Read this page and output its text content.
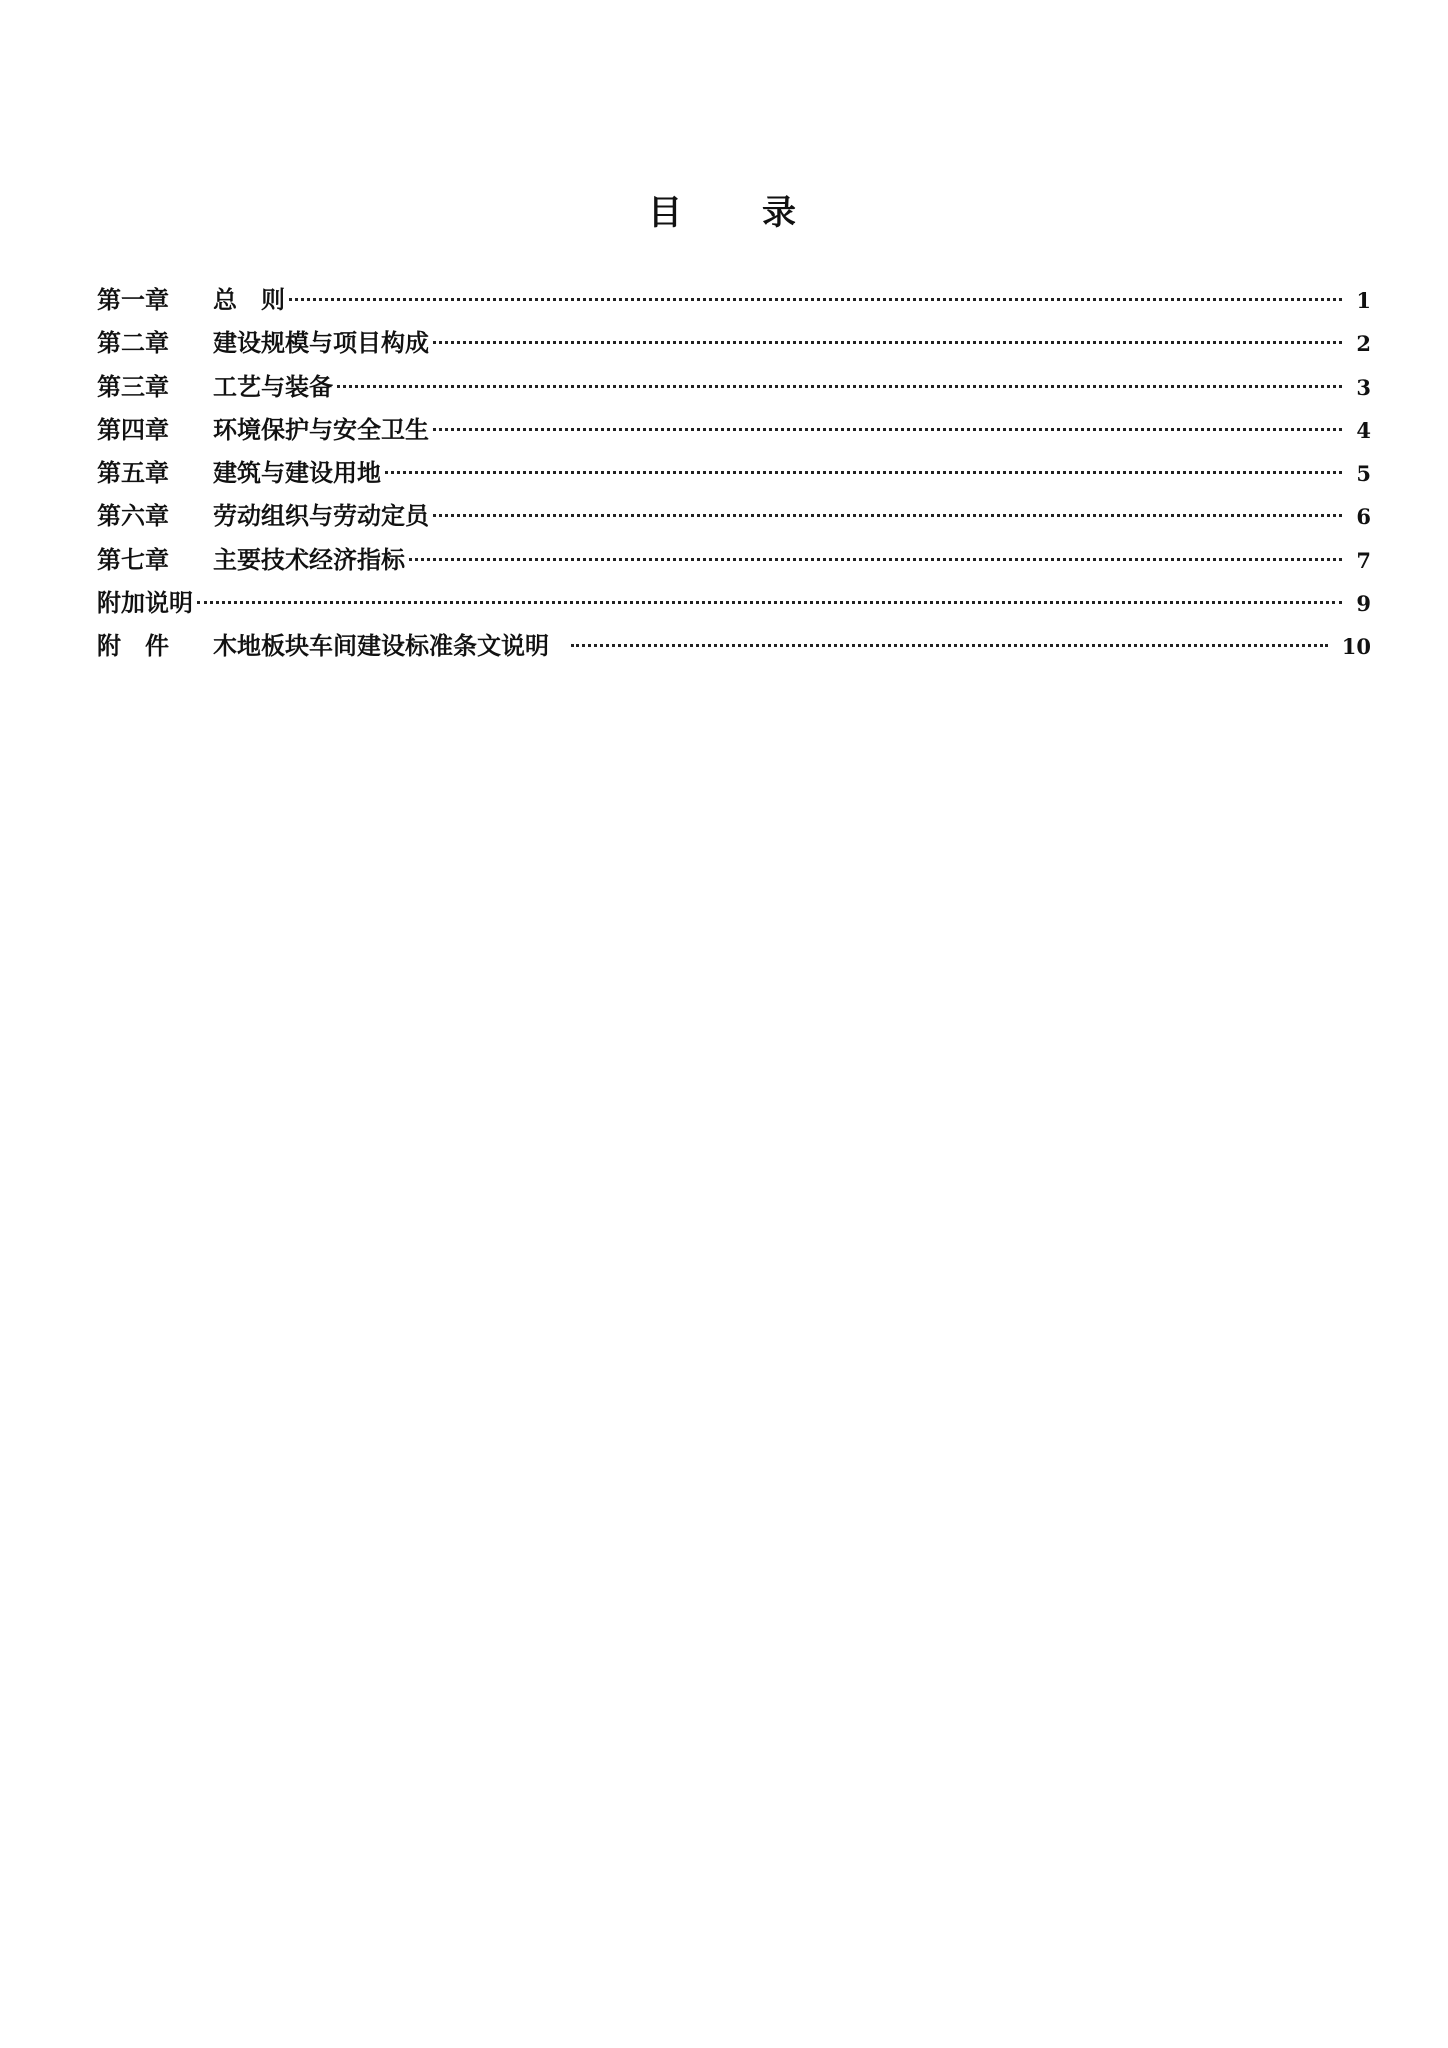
目　　录
第一章 总　则	1
第二章 建设规模与项目构成	2
第三章 工艺与装备	3
第四章 环境保护与安全卫生	4
第五章 建筑与建设用地	5
第六章 劳动组织与劳动定员	6
第七章 主要技术经济指标	7
附加说明	9
附　件 木地板块车间建设标准条文说明	10
